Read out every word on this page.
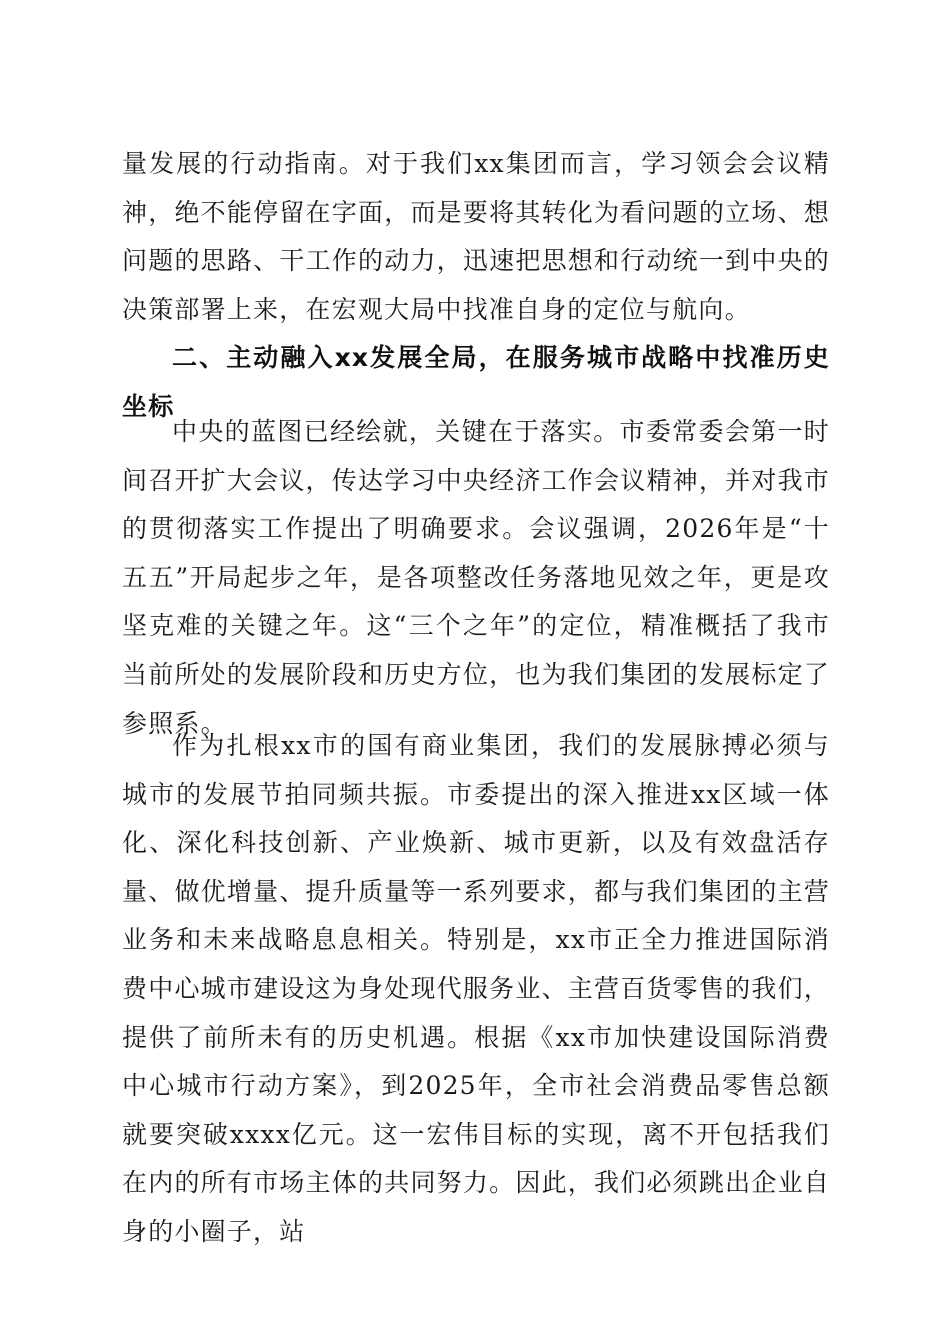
量发展的行动指南。对于我们xx集团而言，学习领会会议精神，绝不能停留在字面，而是要将其转化为看问题的立场、想问题的思路、干工作的动力，迅速把思想和行动统一到中央的决策部署上来，在宏观大局中找准自身的定位与航向。

二、主动融入xx发展全局，在服务城市战略中找准历史坐标

中央的蓝图已经绘就，关键在于落实。市委常委会第一时间召开扩大会议，传达学习中央经济工作会议精神，并对我市的贯彻落实工作提出了明确要求。会议强调，2026年是“十五五”开局起步之年，是各项整改任务落地见效之年，更是攻坚克难的关键之年。这“三个之年”的定位，精准概括了我市当前所处的发展阶段和历史方位，也为我们集团的发展标定了参照系。

作为扎根xx市的国有商业集团，我们的发展脉搏必须与城市的发展节拍同频共振。市委提出的深入推进xx区域一体化、深化科技创新、产业焕新、城市更新，以及有效盘活存量、做优增量、提升质量等一系列要求，都与我们集团的主营业务和未来战略息息相关。特别是，xx市正全力推进国际消费中心城市建设这为身处现代服务业、主营百货零售的我们，提供了前所未有的历史机遇。根据《xx市加快建设国际消费中心城市行动方案》，到2025年，全市社会消费品零售总额就要突破xxxx亿元。这一宏伟目标的实现，离不开包括我们在内的所有市场主体的共同努力。因此，我们必须跳出企业自身的小圈子，站
